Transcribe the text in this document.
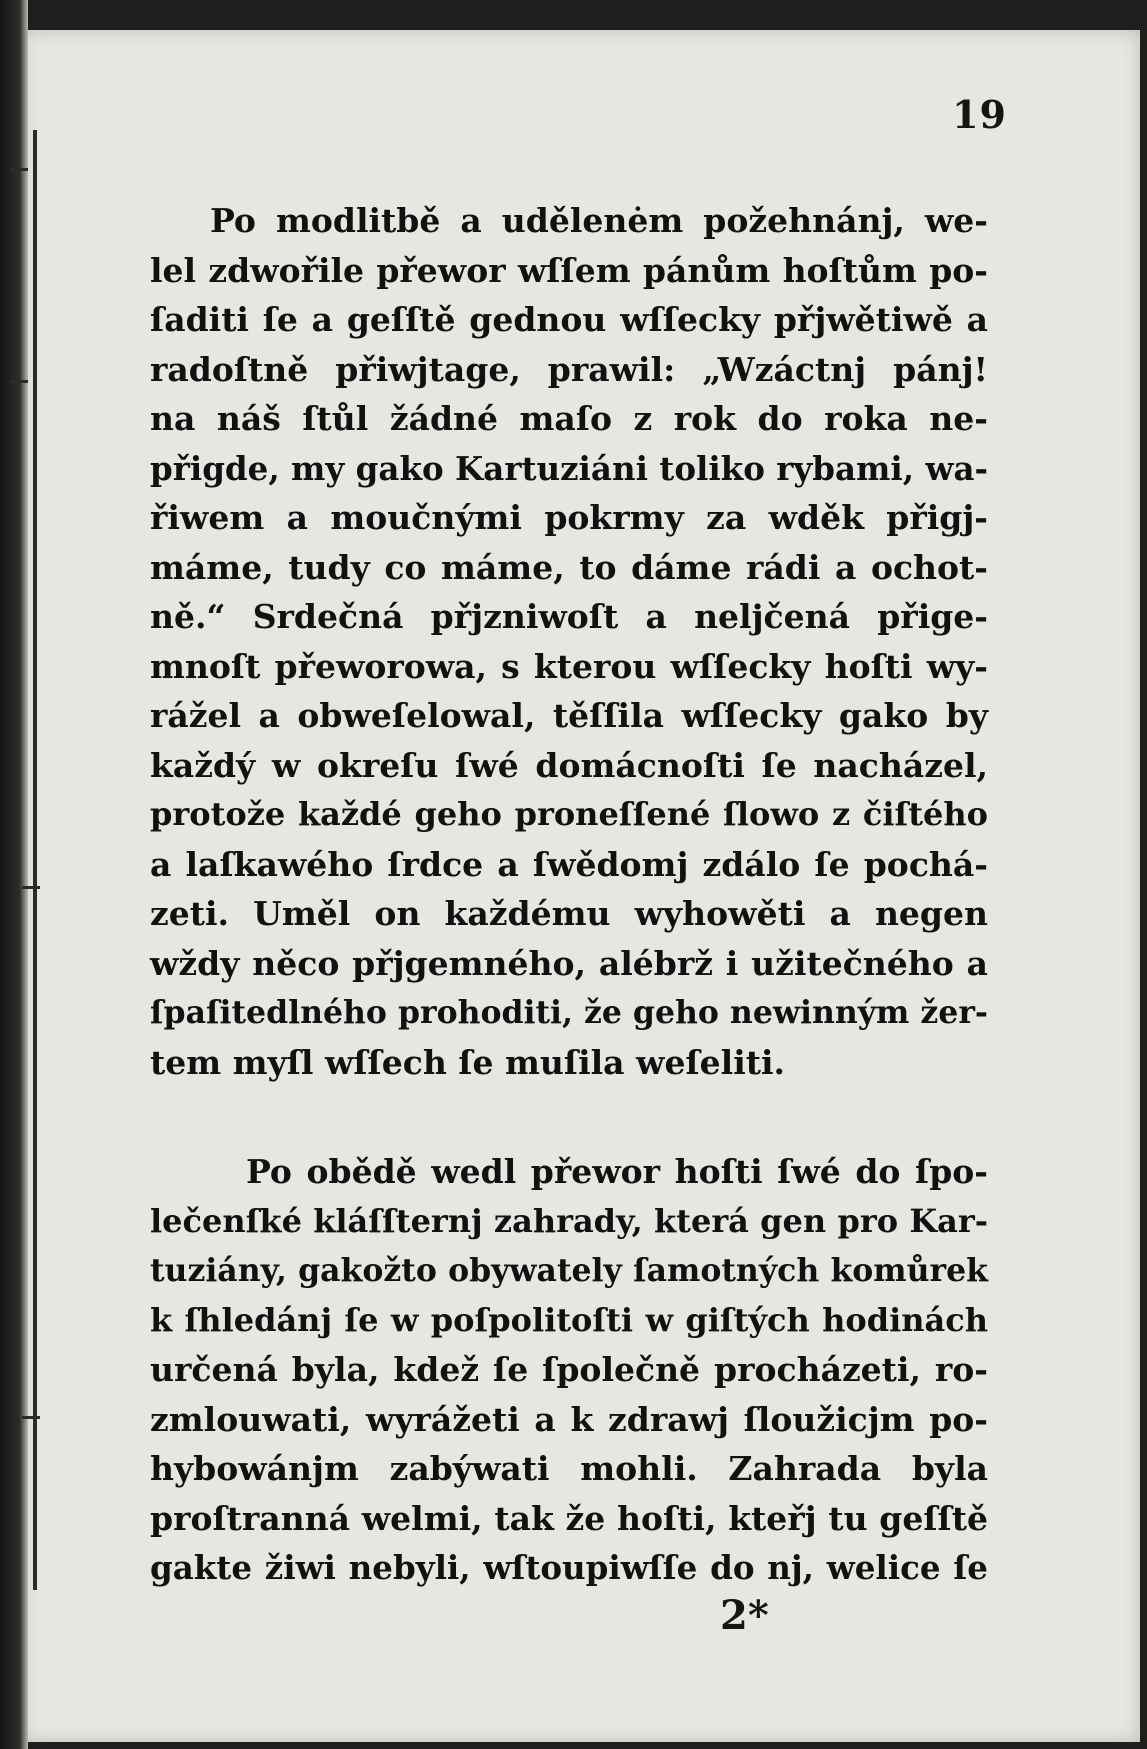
19
Po modlitbě a udělenėm požehnánj, we-
lel zdwořile přewor wſſem pánům hoſtům po-
ſaditi ſe a geſſtě gednou wſſecky přjwětiwě a
radoſtně přiwjtage, prawil: „Wzáctnj pánj!
na náš ſtůl žádné maſo z rok do roka ne-
přigde, my gako Kartuziáni toliko rybami, wa-
řiwem a moučnými pokrmy za wděk přigj-
máme, tudy co máme, to dáme rádi a ochot-
ně.“ Srdečná přjzniwoſt a nelјčená přige-
mnoſt přeworowa, s kterou wſſecky hoſti wy-
rážel a obweſelowal, těſſila wſſecky gako by
každý w okreſu ſwé domácnoſti ſe nacházel,
protože každé geho proneſſené ſlowo z čiſtého
a laſkawého ſrdce a ſwědomj zdálo ſe pochá-
zeti. Uměl on každému wyhowěti a negen
wždy něco přjgemného, alébrž i užitečného a
ſpaſitedlného prohoditi, že geho newinným žer-
tem myſl wſſech ſe muſila weſeliti.
Po obědě wedl přewor hoſti ſwé do ſpo-
lečenſké kláſſternj zahrady, která gen pro Kar-
tuziány, gakožto obywately ſamotných komůrek
k ſhledánj ſe w poſpolitoſti w giſtých hodinách
určená byla, kdež ſe ſpolečně procházeti, ro-
zmlouwati, wyrážeti a k zdrawj ſloužicjm po-
hybowánjm zabýwati mohli. Zahrada byla
proſtranná welmi, tak že hoſti, kteřj tu geſſtě
gakte žiwi nebyli, wſtoupiwſſe do nj, welice ſe
2*
